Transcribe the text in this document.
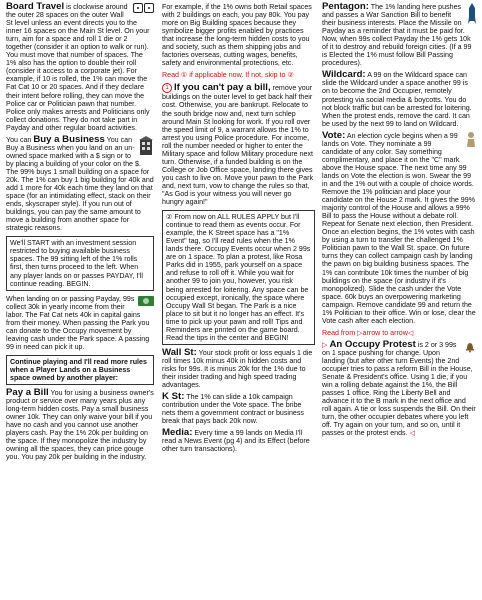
Board Travel is clockwise around the outer 28 spaces on the outer Wall St level unless an event directs you to the inner 16 spaces on the Main St level. On your turn, aim for a space and roll 1 die or 2 together (consider it an option to walk or run). You must move that number of spaces. The 1% also has the option to double their roll (consider it access to a corporate jet). For example, if 10 is rolled, the 1% can move the Fat Cat 10 or 20 spaces. And if they declare their intent before rolling, they can move the Police car or Politician pawn that number. Police only makes arrests and Politicians only collect donations. They do not take part in Payday and other regular board activities.
You can Buy a Business You can Buy a Business when you land on an un-owned space marked with a $ sign or to by placing a building of your color on the $. The 99% buys 1 small building on a space for 20k. The 1% can buy 1 big building for 40k and add 1 more for 40k each time they land on that space (for an intimidating effect, stack on their ends, skyscraper style). If you run out of buildings, you can pay the same amount to move a building from another space for strategic reasons.
We'll START with an investment session restricted to buying available business spaces. The 99 sitting left of the 1% rolls first, then turns proceed to the left. When any player lands on or passes PAYDAY, I'll continue reading. BEGIN.
When landing on or passing Payday, 99s collect 30k in yearly income from their labor. The Fat Cat nets 40k in capital gains from their money. When passing the Park you can donate to the Occupy movement by leaving cash under the Park space. A passing 99 in need can pick it up.
Continue playing and I'll read more rules when a Player Lands on a Business space owned by another player:
Pay a Bill You for using a business owner's product or service over many years plus any long-term hidden costs. Pay a small business owner 10k. They can only waive your bill if you have no cash and you cannot use another players cash. Pay the 1% 20k per building on the space. If they monopolize the industry by owning all the spaces, they can price gouge you. You pay 20k per building in the industry.
For example, if the 1% owns both Retail spaces with 2 buildings on each, you pay 80k. You pay more on Big Building spaces because they symbolize bigger profits enabled by practices that increase the long-term hidden costs to you and society, such as them shipping jobs and factories overseas, cutting wages, benefits, safety and environmental protections, etc.
Read ① if applicable now. If not, skip to ②
1 If you can't pay a bill, remove your buildings on the outer level to get back half their cost. Otherwise, you are bankrupt. Relocate to the south bridge now and, next turn schlep around Main St looking for work. If you roll over the speed limit of 9, a warrant allows the 1% to arrest you using Police procedure. For income, roll the number needed or higher to enter the Military space and follow Military procedure next turn. Otherwise, if a funded building is on the College or Job Office space, landing there gives you cash to live on. Move your pawn to the Park and, next turn, vow to change the rules so that, "As God is your witness you will never go hungry again!"
② From now on ALL RULES APPLY but I'll continue to read them as events occur. For example, the K Street space has a "1% Event" tag, so I'll read rules when the 1% lands there. Occupy Events occur when 2 99s are on 1 space. To plan a protest, like Rosa Parks did in 1955, park yourself on a space and refuse to roll off it. While you wait for another 99 to join you, however, you risk being arrested for loitering. Any space can be occupied except, ironically, the space where Occupy Wall St began. The Park is a nice place to sit but it no longer has an effect. It's time to pick up your pawn and roll! Tips and Reminders are printed on the game board. Read the tips in the center and BEGIN!
Wall St: Your stock profit or loss equals 1 die roll times 10k minus 40k in hidden costs and risks for 99s. It is minus 20k for the 1% due to their insider trading and high speed trading advantages.
K St: The 1% can slide a 10k campaign contribution under the Vote space. The bribe nets them a government contract or business break that pays back 20k now.
Media: Every time a 99 lands on Media I'll read a News Event (pg 4) and its Effect (before other turn transactions).
Pentagon: The 1% landing here pushes and passes a War Sanction Bill to benefit their business interests. Place the Missile on Payday as a reminder that it must be paid for. Now, when 99s collect Payday the 1% gets 10k of it to destroy and rebuild foreign cities. (If a 99 is Elected the 1% must follow Bill Passing procedures).
Wildcard: A 99 on the Wildcard space can slide the Wildcard under a space another 99 is on to become the 2nd Occupier, remotely protesting via social media & boycotts. You do not block traffic but can be arrested for loitering. When the protest ends, remove the card. It can be used by the next 99 to land on Wildcard.
Vote: An election cycle begins when a 99 lands on Vote. They nominate a 99 candidate of any color. Say something complimentary, and place it on the "C" mark above the House space. The next time any 99 lands on Vote the election is won. Swear the 99 in and the 1% out with a couple of choice words. Remove the 1% politician and place your candidate on the House 2 mark. It gives the 99% majority control of the House and allows a 99% Bill to pass the House without a debate roll. Repeat for Senate next election, then President. Once an election begins, the 1% votes with cash by using a turn to transfer the challenged 1% Politician pawn to the Wall St. space. On future turns they can collect campaign cash by landing the pawn on big building business spaces. The 1% can contribute 10k times the number of big buildings on the space (or industry if it's monopolized). Slide the cash under the Vote space. 60k buys an overpowering marketing campaign. Remove candidate 99 and return the 1% Politician to their office. Win or lose, clear the Vote cash after each election.
Read from ▷arrow to arrow◁
▷ An Occupy Protest is 2 or 3 99s on 1 space pushing for change. Upon landing (but after other turn Events) the 2nd occupier tries to pass a reform Bill in the House, Senate & President's office. Using 1 die, if you win a rolling debate against the 1%, the Bill passes 1 office. Ring the Liberty Bell and advance it to the B mark in the next office and roll again. A tie or loss suspends the Bill. On their turn, the other occupier debates where you left off. Try again on your turn, and so on, until it passes or the protest ends. ◁
